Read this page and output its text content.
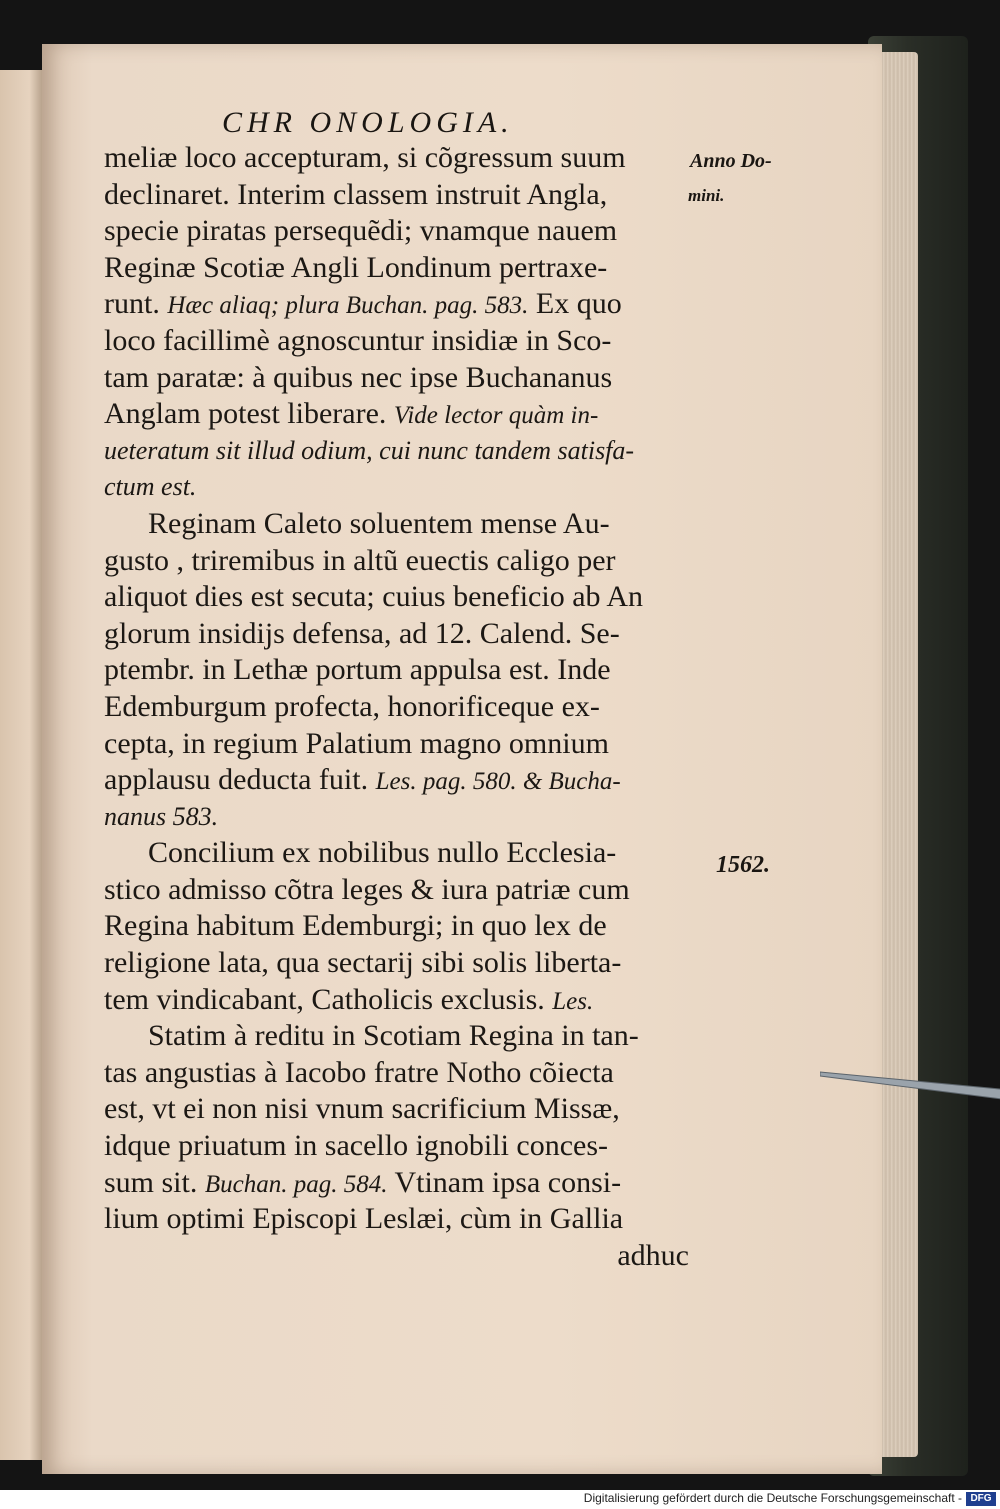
CHR ONOLOGIA.
Anno Do-
mini.
1562.
meliæ loco accepturam, si cõgressum suum
declinaret. Interim classem instruit Angla,
specie piratas persequẽdi; vnamque nauem
Reginæ Scotiæ Angli Londinum pertraxe-
runt. Hæc aliaq; plura Buchan. pag. 583. Ex quo
loco facillimè agnoscuntur insidiæ in Sco-
tam paratæ: à quibus nec ipse Buchananus
Anglam potest liberare. Vide lector quàm in-
ueteratum sit illud odium, cui nunc tandem satisfa-
ctum est.
Reginam Caleto soluentem mense Au-
gusto , triremibus in altũ euectis caligo per
aliquot dies est secuta; cuius beneficio ab An
glorum insidijs defensa, ad 12. Calend. Se-
ptembr. in Lethæ portum appulsa est. Inde
Edemburgum profecta, honorificeque ex-
cepta, in regium Palatium magno omnium
applausu deducta fuit. Les. pag. 580. & Bucha-
nanus 583.
Concilium ex nobilibus nullo Ecclesia-
stico admisso cõtra leges & iura patriæ cum
Regina habitum Edemburgi; in quo lex de
religione lata, qua sectarij sibi solis liberta-
tem vindicabant, Catholicis exclusis. Les.
Statim à reditu in Scotiam Regina in tan-
tas angustias à Iacobo fratre Notho cõiecta
est, vt ei non nisi vnum sacrificium Missæ,
idque priuatum in sacello ignobili conces-
sum sit. Buchan. pag. 584. Vtinam ipsa consi-
lium optimi Episcopi Leslæi, cùm in Gallia
adhuc
Digitalisierung gefördert durch die Deutsche Forschungsgemeinschaft - DFG
